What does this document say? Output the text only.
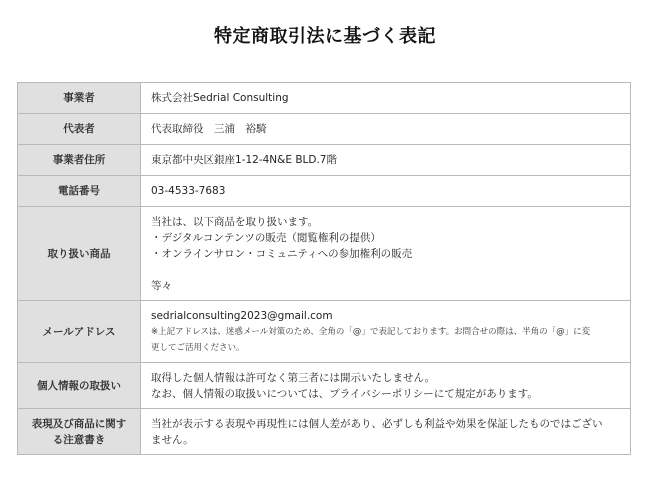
特定商取引法に基づく表記
事業者	株式会社Sedrial Consulting

代表者	代表取締役　三浦　裕騎

事業者住所	東京都中央区銀座1-12-4N&E BLD.7階

電話番号	03-4533-7683

取り扱い商品	当社は、以下商品を取り扱います。
・デジタルコンテンツの販売（閲覧権利の提供）
・オンラインサロン・コミュニティへの参加権利の販売
等々

メールアドレス	sedrialconsulting2023@gmail.com
※上記アドレスは、迷惑メール対策のため、全角の「@」で表記しております。お問合せの際は、半角の「@」に変
更してご活用ください。

個人情報の取扱い	取得した個人情報は許可なく第三者には開示いたしません。
なお、個人情報の取扱いについては、プライバシーポリシーにて規定があります。

表現及び商品に関す
る注意書き	当社が表示する表現や再現性には個人差があり、必ずしも利益や効果を保証したものではござい
ません。
